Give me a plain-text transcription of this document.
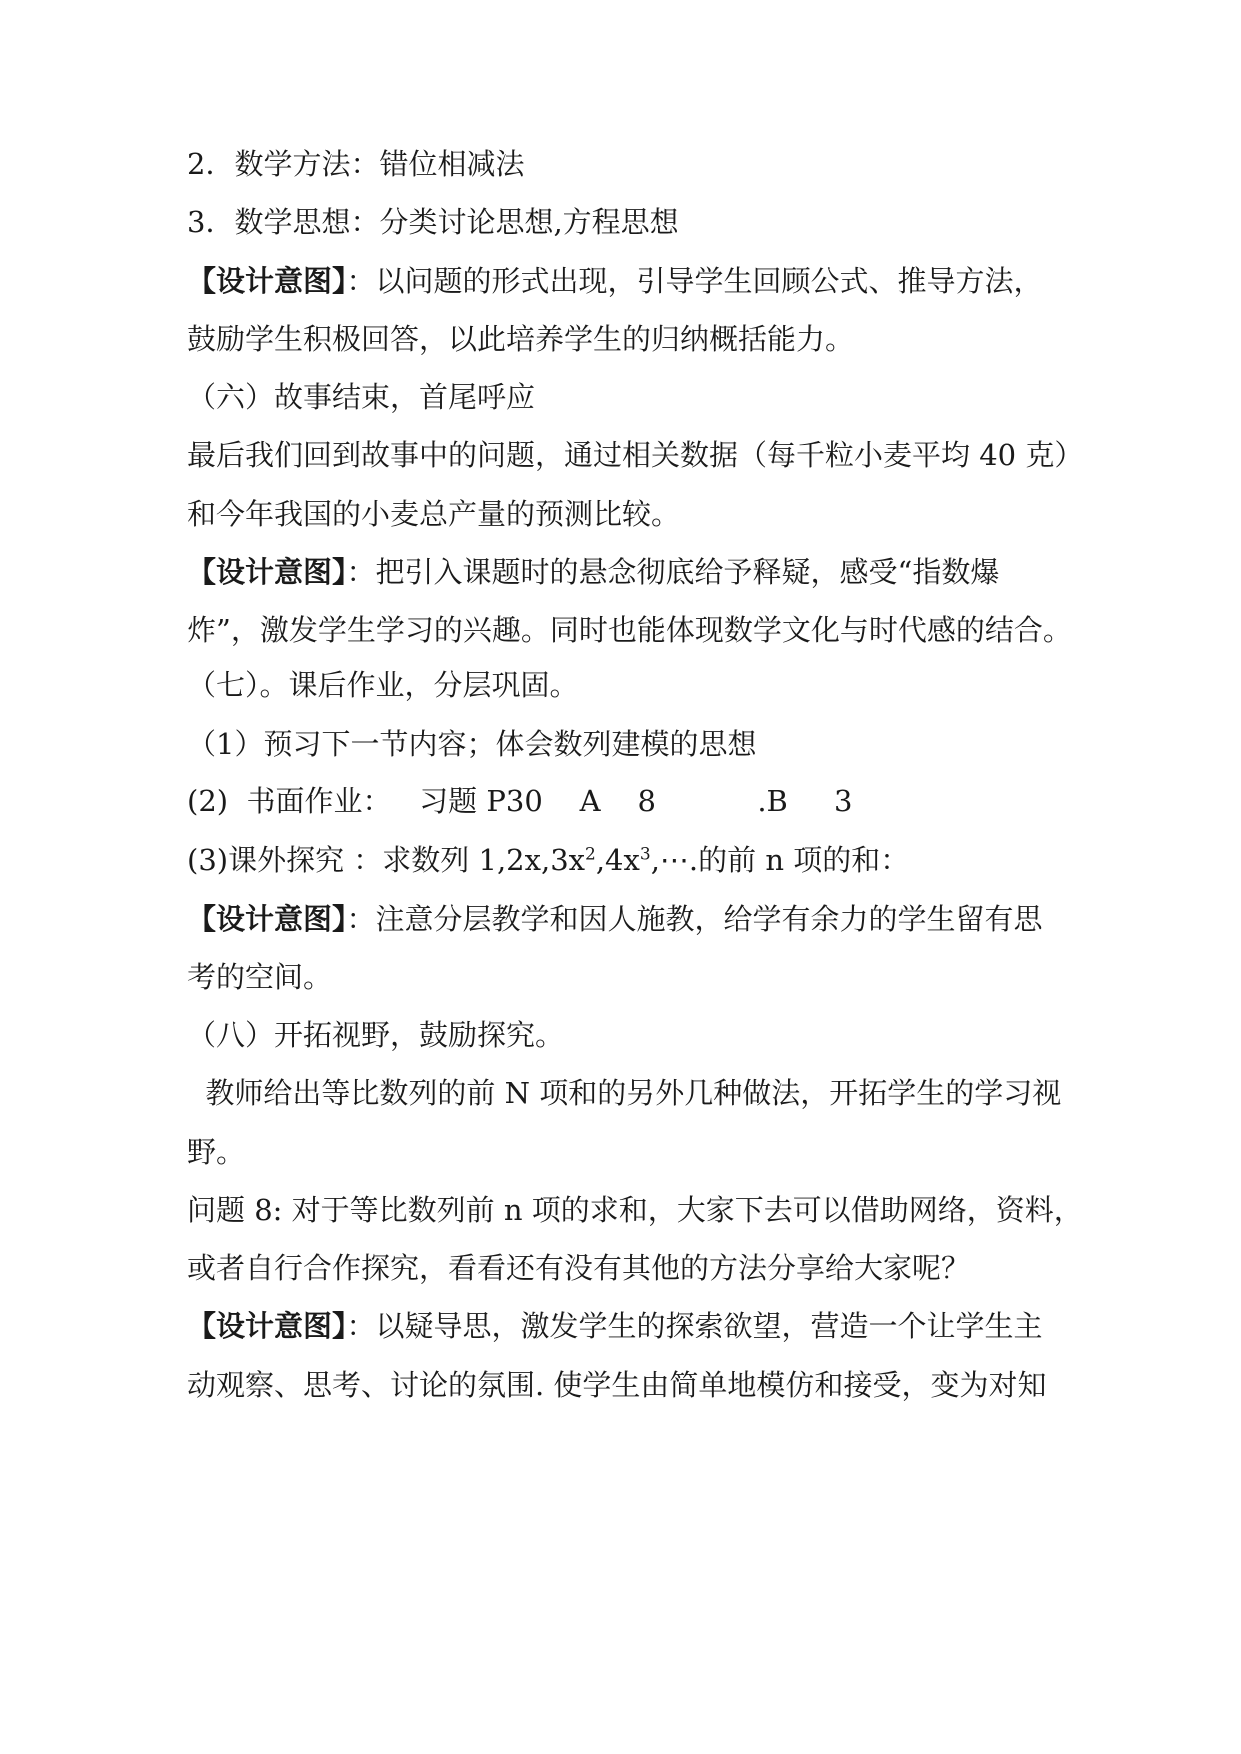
2．数学方法：错位相减法
3．数学思想：分类讨论思想,方程思想
【设计意图】：以问题的形式出现，引导学生回顾公式、推导方法，
鼓励学生积极回答，以此培养学生的归纳概括能力。
（六）故事结束，首尾呼应
最后我们回到故事中的问题，通过相关数据（每千粒小麦平均 40 克）
和今年我国的小麦总产量的预测比较。
【设计意图】：把引入课题时的悬念彻底给予释疑，感受“指数爆
炸”，激发学生学习的兴趣。同时也能体现数学文化与时代感的结合。
（七）。课后作业，分层巩固。
（1）预习下一节内容；体会数列建模的思想
(2)  书面作业：   习题 P30    A    8           .B     3
(3)课外探究 ：求数列 $1,2x,3x^2,4x^3,\cdots$.的前 n 项的和：
【设计意图】：注意分层教学和因人施教，给学有余力的学生留有思
考的空间。
（八）开拓视野，鼓励探究。
教师给出等比数列的前 N 项和的另外几种做法，开拓学生的学习视
野。
问题 8: 对于等比数列前 n 项的求和，大家下去可以借助网络，资料，
或者自行合作探究，看看还有没有其他的方法分享给大家呢？
【设计意图】：以疑导思，激发学生的探索欲望，营造一个让学生主
动观察、思考、讨论的氛围. 使学生由简单地模仿和接受，变为对知
